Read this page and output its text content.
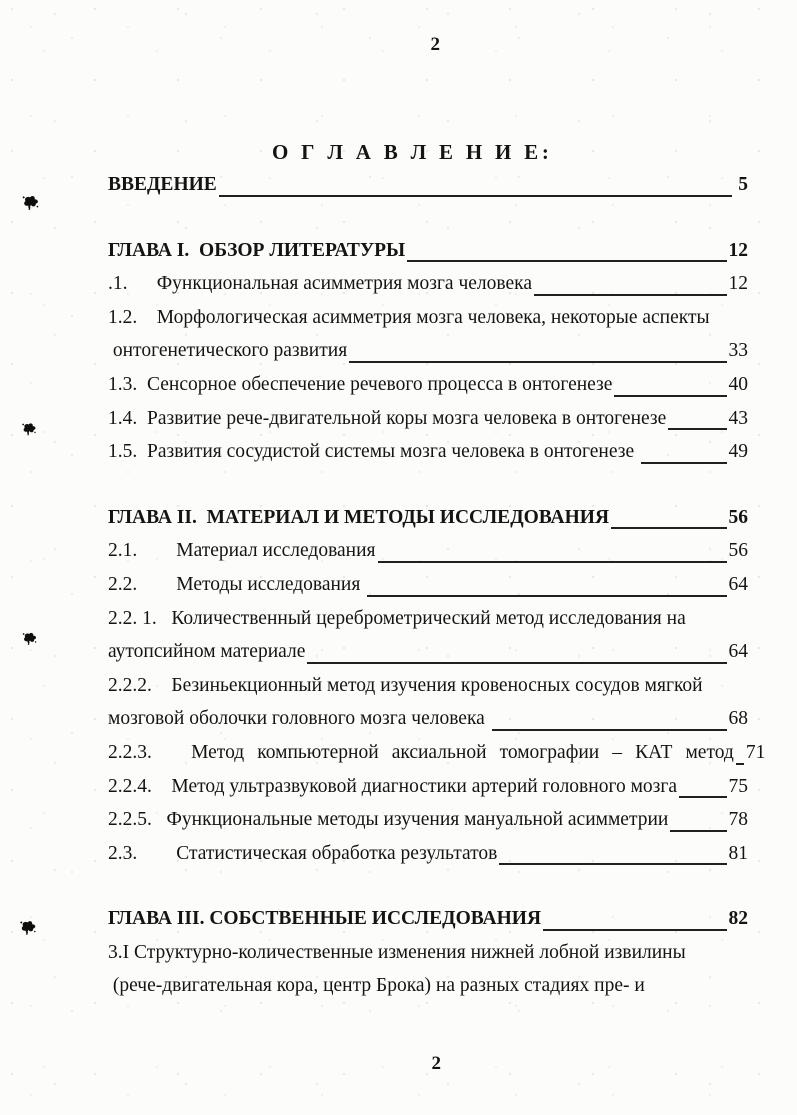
2
О Г Л А В Л Е Н И Е:
ВВЕДЕНИЕ	5
ГЛАВА I.  ОБЗОР ЛИТЕРАТУРЫ	12
.1.      Функциональная асимметрия мозга человека	12
1.2.    Морфологическая асимметрия мозга человека, некоторые аспекты
онтогенетического развития	33
1.3.  Сенсорное обеспечение речевого процесса в онтогенезе	40
1.4.  Развитие рече-двигательной коры мозга человека в онтогенезе	43
1.5.  Развития сосудистой системы мозга человека в онтогенезе	49
ГЛАВА II.  МАТЕРИАЛ И МЕТОДЫ ИССЛЕДОВАНИЯ	56
2.1.        Материал исследования	56
2.2.        Методы исследования	64
2.2. 1.   Количественный цереброметрический метод исследования на
аутопсийном материале	64
2.2.2.    Безиньекционный метод изучения кровеносных сосудов мягкой
мозговой оболочки головного мозга человека	68
2.2.3.   Метод компьютерной аксиальной томографии – КАТ метод 71
2.2.4.    Метод ультразвуковой диагностики артерий головного мозга	75
2.2.5.   Функциональные методы изучения мануальной асимметрии	78
2.3.        Статистическая обработка результатов	81
ГЛАВА III. СОБСТВЕННЫЕ ИССЛЕДОВАНИЯ	82
3.I Структурно-количественные изменения нижней лобной извилины
(рече-двигательная кора, центр Брока) на разных стадиях пре- и
2
